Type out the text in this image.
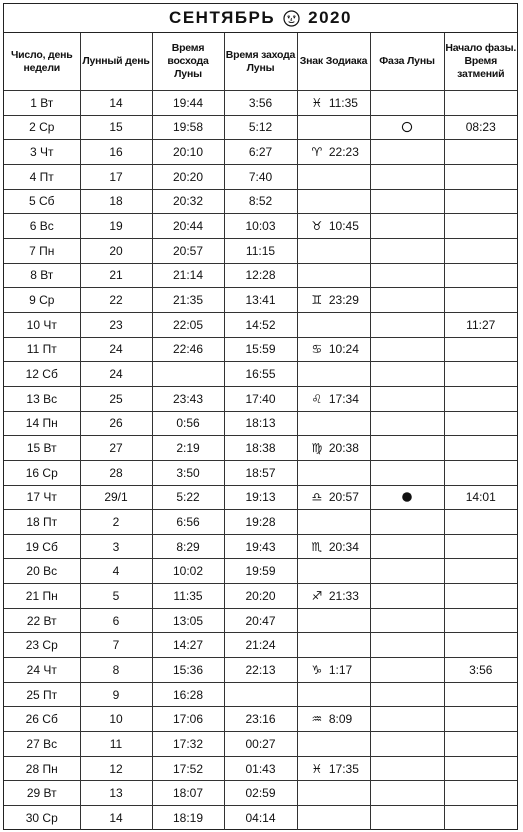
СЕНТЯБРЬ 2020
Число, день недели	Лунный день	Время восхода Луны	Время захода Луны	Знак Зодиака	Фаза Луны	Начало фазы. Время затмений
1 Вт	14	19:44	3:56	♓ 11:35		
2 Ср	15	19:58	5:12			08:23
3 Чт	16	20:10	6:27	♈ 22:23		
4 Пт	17	20:20	7:40			
5 Сб	18	20:32	8:52			
6 Вс	19	20:44	10:03	♉ 10:45		
7 Пн	20	20:57	11:15			
8 Вт	21	21:14	12:28			
9 Ср	22	21:35	13:41	♊ 23:29		
10 Чт	23	22:05	14:52			11:27
11 Пт	24	22:46	15:59	♋ 10:24		
12 Сб	24		16:55			
13 Вс	25	23:43	17:40	♌ 17:34		
14 Пн	26	0:56	18:13			
15 Вт	27	2:19	18:38	♍ 20:38		
16 Ср	28	3:50	18:57			
17 Чт	29/1	5:22	19:13	♎ 20:57		14:01
18 Пт	2	6:56	19:28			
19 Сб	3	8:29	19:43	♏ 20:34		
20 Вс	4	10:02	19:59			
21 Пн	5	11:35	20:20	♐ 21:33		
22 Вт	6	13:05	20:47			
23 Ср	7	14:27	21:24			
24 Чт	8	15:36	22:13	♑ 1:17		3:56
25 Пт	9	16:28				
26 Сб	10	17:06	23:16	♒ 8:09		
27 Вс	11	17:32	00:27			
28 Пн	12	17:52	01:43	♓ 17:35		
29 Вт	13	18:07	02:59			
30 Ср	14	18:19	04:14			
